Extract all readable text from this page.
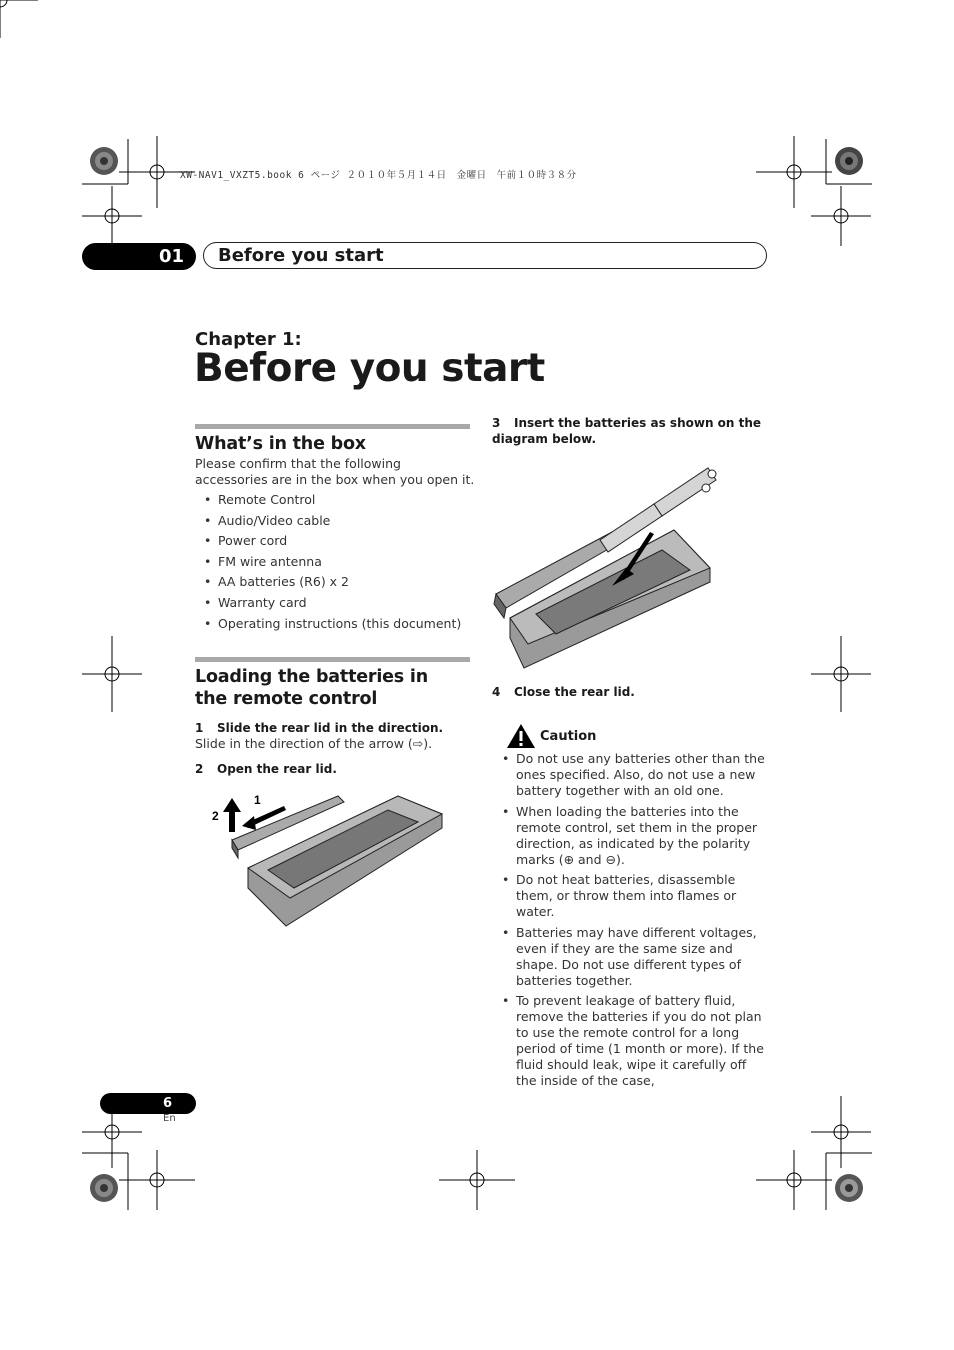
XW-NAV1_VXZT5.book 6 ページ ２０１０年５月１４日　金曜日　午前１０時３８分
01	Before you start
Chapter 1:
Before you start
What’s in the box
Please confirm that the following accessories are in the box when you open it.
• Remote Control
• Audio/Video cable
• Power cord
• FM wire antenna
• AA batteries (R6) x 2
• Warranty card
• Operating instructions (this document)
Loading the batteries in the remote control
1 Slide the rear lid in the direction.
Slide in the direction of the arrow (⇨).
2 Open the rear lid.
2
1
3 Insert the batteries as shown on the diagram below.
4 Close the rear lid.
Caution
• Do not use any batteries other than the ones specified. Also, do not use a new battery together with an old one.
• When loading the batteries into the remote control, set them in the proper direction, as indicated by the polarity marks (⊕ and ⊖).
• Do not heat batteries, disassemble them, or throw them into flames or water.
• Batteries may have different voltages, even if they are the same size and shape. Do not use different types of batteries together.
• To prevent leakage of battery fluid, remove the batteries if you do not plan to use the remote control for a long period of time (1 month or more). If the fluid should leak, wipe it carefully off the inside of the case,
6
En
